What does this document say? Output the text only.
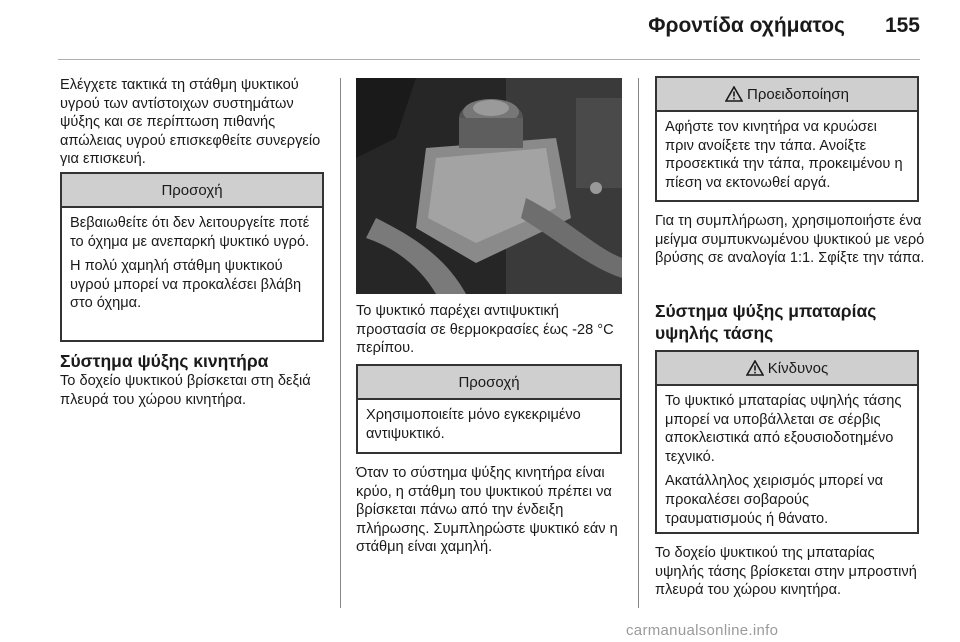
Φροντίδα οχήματος 155
Ελέγχετε τακτικά τη στάθμη ψυκτικού υγρού των αντίστοιχων συστημάτων ψύξης και σε περίπτωση πιθανής απώλειας υγρού επισκεφθείτε συνεργείο για επισκευή.
Προσοχή

Βεβαιωθείτε ότι δεν λειτουργείτε ποτέ το όχημα με ανεπαρκή ψυκτικό υγρό.

Η πολύ χαμηλή στάθμη ψυκτικού υγρού μπορεί να προκαλέσει βλάβη στο όχημα.

Σύστημα ψύξης κινητήρα
Το δοχείο ψυκτικού βρίσκεται στη δεξιά πλευρά του χώρου κινητήρα.
Το ψυκτικό παρέχει αντιψυκτική προστασία σε θερμοκρασίες έως -28 °C περίπου.
Προσοχή

Χρησιμοποιείτε μόνο εγκεκριμένο αντιψυκτικό.

Όταν το σύστημα ψύξης κινητήρα είναι κρύο, η στάθμη του ψυκτικού πρέπει να βρίσκεται πάνω από την ένδειξη πλήρωσης. Συμπληρώστε ψυκτικό εάν η στάθμη είναι χαμηλή.
Προειδοποίηση

Αφήστε τον κινητήρα να κρυώσει πριν ανοίξετε την τάπα. Ανοίξτε προσεκτικά την τάπα, προκειμένου η πίεση να εκτονωθεί αργά.

Για τη συμπλήρωση, χρησιμοποιήστε ένα μείγμα συμπυκνωμένου ψυκτικού με νερό βρύσης σε αναλογία 1:1. Σφίξτε την τάπα.
Σύστημα ψύξης μπαταρίας υψηλής τάσης
Κίνδυνος

Το ψυκτικό μπαταρίας υψηλής τάσης μπορεί να υποβάλλεται σε σέρβις αποκλειστικά από εξουσιοδοτημένο τεχνικό.

Ακατάλληλος χειρισμός μπορεί να προκαλέσει σοβαρούς τραυματισμούς ή θάνατο.

Το δοχείο ψυκτικού της μπαταρίας υψηλής τάσης βρίσκεται στην μπροστινή πλευρά του χώρου κινητήρα.
carmanualsonline.info
